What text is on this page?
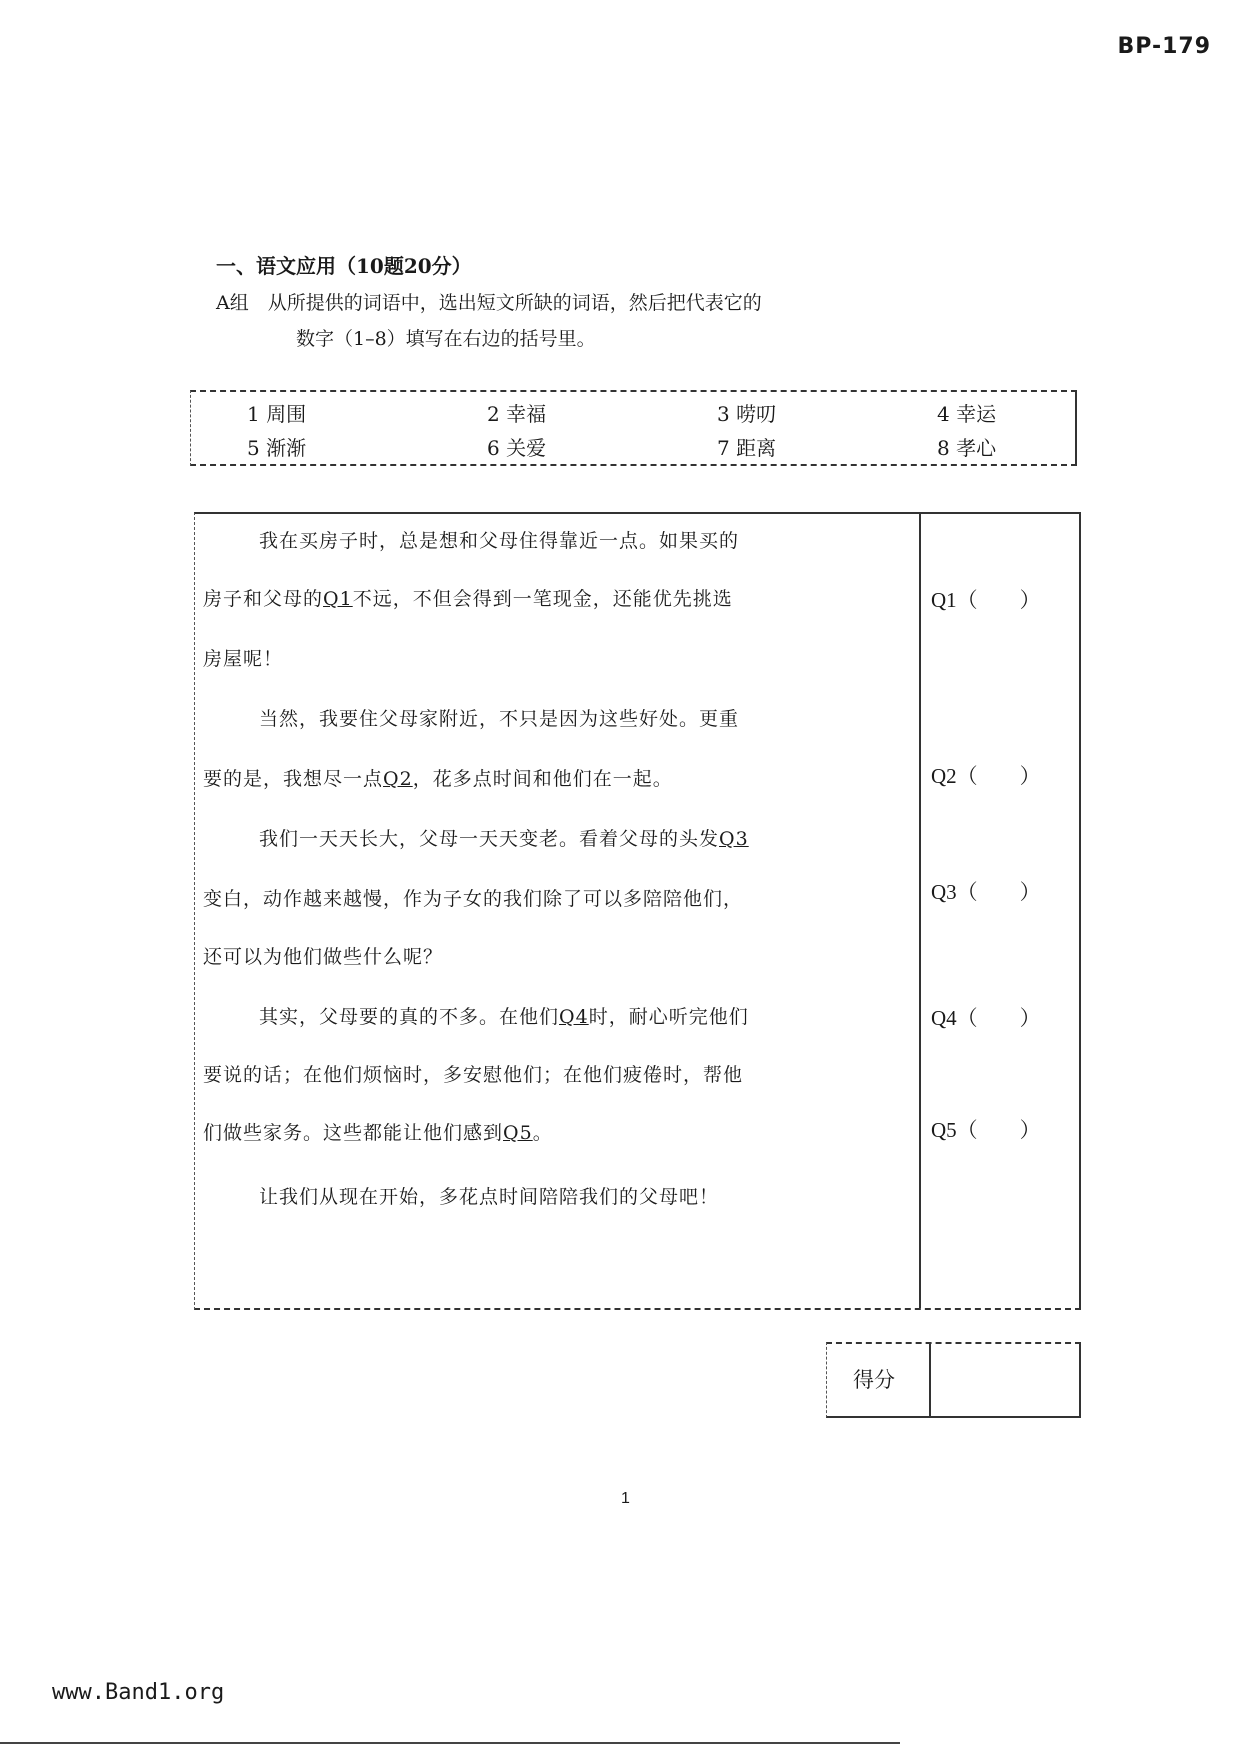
BP-179
一、语文应用（10题20分）
A组　从所提供的词语中，选出短文所缺的词语，然后把代表它的
数字（1–8）填写在右边的括号里。
1 周围	2 幸福	3 唠叨	4 幸运
5 渐渐	6 关爱	7 距离	8 孝心
我在买房子时，总是想和父母住得靠近一点。如果买的
房子和父母的Q1不远，不但会得到一笔现金，还能优先挑选
房屋呢！
当然，我要住父母家附近，不只是因为这些好处。更重
要的是，我想尽一点Q2，花多点时间和他们在一起。
我们一天天长大，父母一天天变老。看着父母的头发Q3
变白，动作越来越慢，作为子女的我们除了可以多陪陪他们，
还可以为他们做些什么呢？
其实，父母要的真的不多。在他们Q4时，耐心听完他们
要说的话；在他们烦恼时，多安慰他们；在他们疲倦时，帮他
们做些家务。这些都能让他们感到Q5。
让我们从现在开始，多花点时间陪陪我们的父母吧！
Q1（　　）
Q2（　　）
Q3（　　）
Q4（　　）
Q5（　　）
得分
1
www.Band1.org
